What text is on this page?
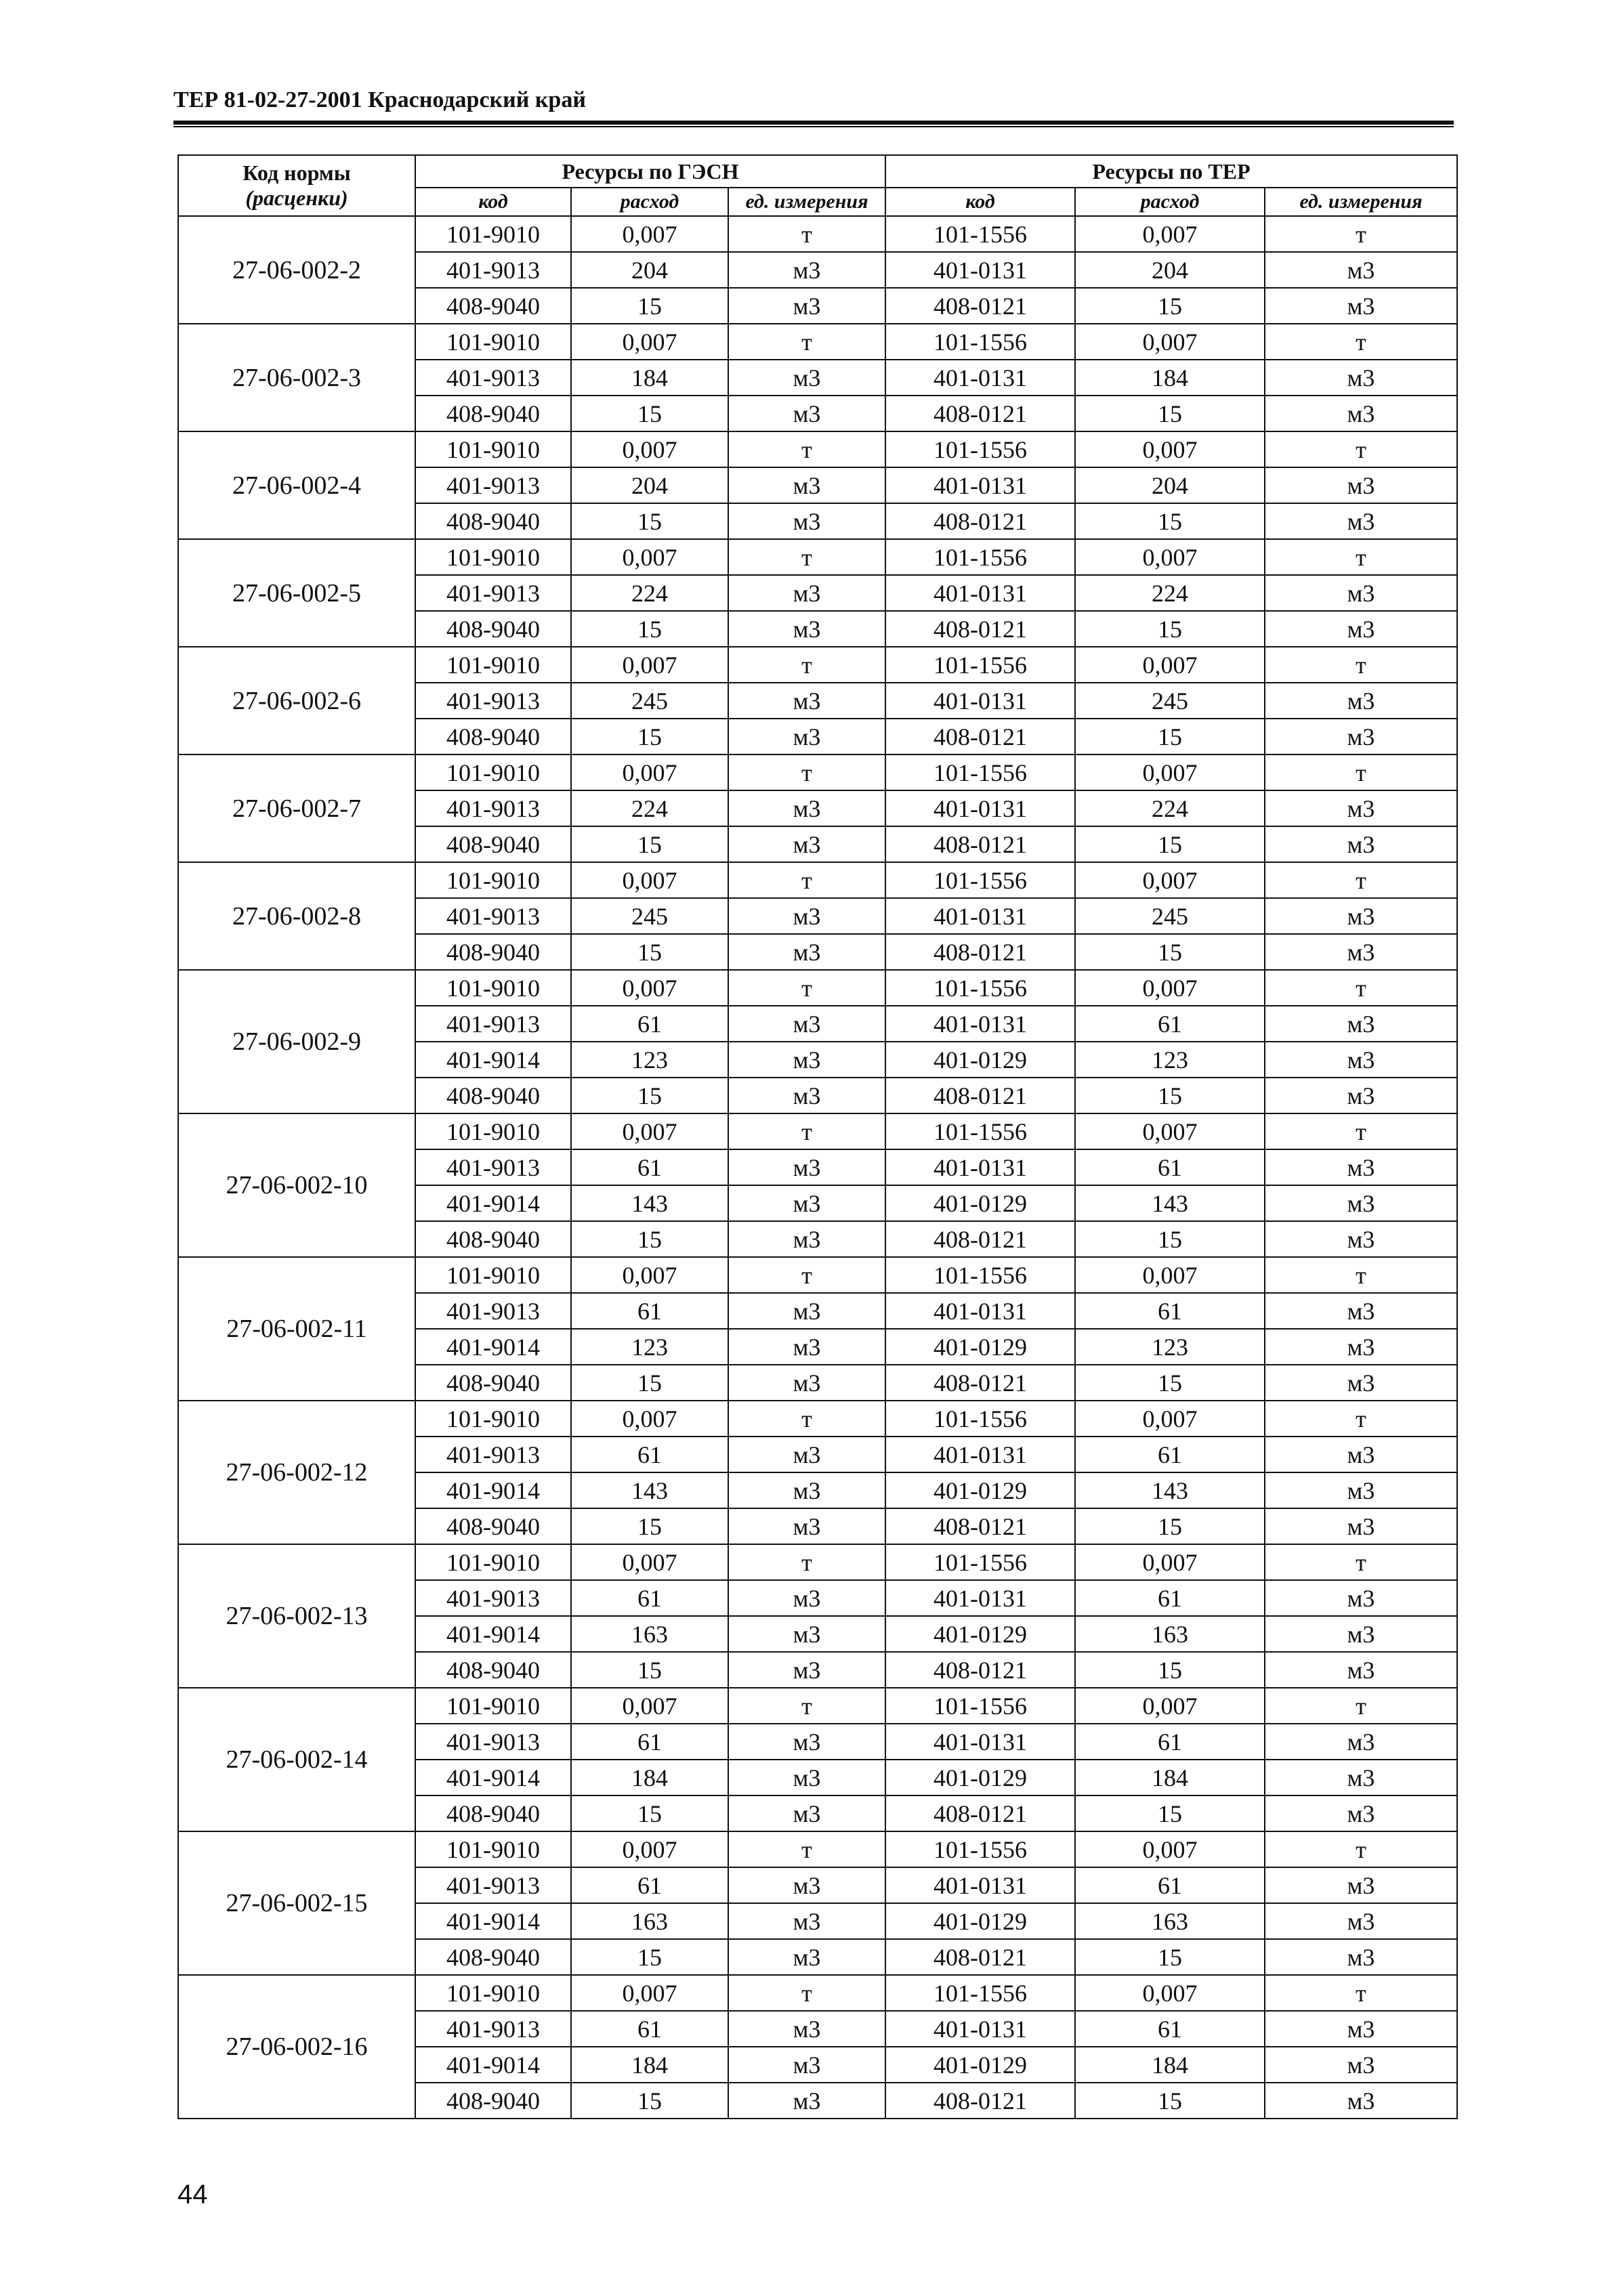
ТЕР 81-02-27-2001 Краснодарский край
Код нормы
(расценки)	Ресурсы по ГЭСН			Ресурсы по ТЕР		
	код	расход	ед. измерения	код	расход	ед. измерения
27-06-002-2	101-9010	0,007	т	101-1556	0,007	т
	401-9013	204	м3	401-0131	204	м3
	408-9040	15	м3	408-0121	15	м3
27-06-002-3	101-9010	0,007	т	101-1556	0,007	т
	401-9013	184	м3	401-0131	184	м3
	408-9040	15	м3	408-0121	15	м3
27-06-002-4	101-9010	0,007	т	101-1556	0,007	т
	401-9013	204	м3	401-0131	204	м3
	408-9040	15	м3	408-0121	15	м3
27-06-002-5	101-9010	0,007	т	101-1556	0,007	т
	401-9013	224	м3	401-0131	224	м3
	408-9040	15	м3	408-0121	15	м3
27-06-002-6	101-9010	0,007	т	101-1556	0,007	т
	401-9013	245	м3	401-0131	245	м3
	408-9040	15	м3	408-0121	15	м3
27-06-002-7	101-9010	0,007	т	101-1556	0,007	т
	401-9013	224	м3	401-0131	224	м3
	408-9040	15	м3	408-0121	15	м3
27-06-002-8	101-9010	0,007	т	101-1556	0,007	т
	401-9013	245	м3	401-0131	245	м3
	408-9040	15	м3	408-0121	15	м3
27-06-002-9	101-9010	0,007	т	101-1556	0,007	т
	401-9013	61	м3	401-0131	61	м3
	401-9014	123	м3	401-0129	123	м3
	408-9040	15	м3	408-0121	15	м3
27-06-002-10	101-9010	0,007	т	101-1556	0,007	т
	401-9013	61	м3	401-0131	61	м3
	401-9014	143	м3	401-0129	143	м3
	408-9040	15	м3	408-0121	15	м3
27-06-002-11	101-9010	0,007	т	101-1556	0,007	т
	401-9013	61	м3	401-0131	61	м3
	401-9014	123	м3	401-0129	123	м3
	408-9040	15	м3	408-0121	15	м3
27-06-002-12	101-9010	0,007	т	101-1556	0,007	т
	401-9013	61	м3	401-0131	61	м3
	401-9014	143	м3	401-0129	143	м3
	408-9040	15	м3	408-0121	15	м3
27-06-002-13	101-9010	0,007	т	101-1556	0,007	т
	401-9013	61	м3	401-0131	61	м3
	401-9014	163	м3	401-0129	163	м3
	408-9040	15	м3	408-0121	15	м3
27-06-002-14	101-9010	0,007	т	101-1556	0,007	т
	401-9013	61	м3	401-0131	61	м3
	401-9014	184	м3	401-0129	184	м3
	408-9040	15	м3	408-0121	15	м3
27-06-002-15	101-9010	0,007	т	101-1556	0,007	т
	401-9013	61	м3	401-0131	61	м3
	401-9014	163	м3	401-0129	163	м3
	408-9040	15	м3	408-0121	15	м3
27-06-002-16	101-9010	0,007	т	101-1556	0,007	т
	401-9013	61	м3	401-0131	61	м3
	401-9014	184	м3	401-0129	184	м3
	408-9040	15	м3	408-0121	15	м3
44
